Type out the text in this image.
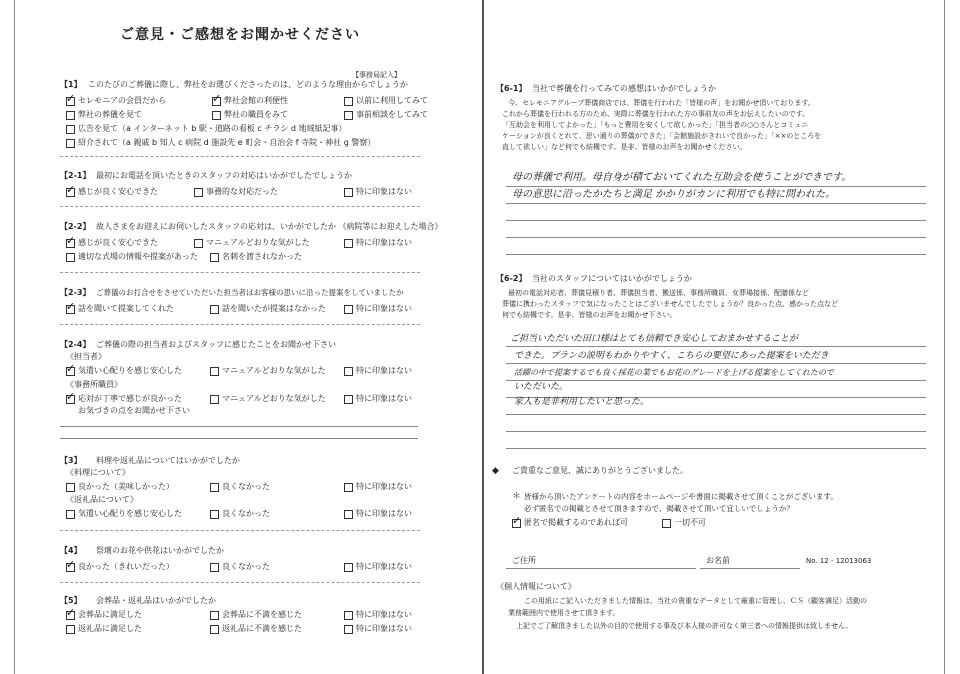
ご意見・ご感想をお聞かせください
【事務局記入】
【1】 このたびのご葬儀に際し、弊社をお選びくださったのは、どのような理由からでしょうか
✓
セレモニアの会員だから
✓	弊社会館の利便性	以前に利用してみて
弊社の葬儀を見て	弊社の職員をみて	事前相談をしてみて
広告を見て（a インターネット b 駅・道路の看板 c チラシ d 地域紙記事）
紹介されて（a 親戚 b 知人 c 病院 d 施設先 e 町会・自治会 f 寺院・神社 g 警察）
【2-1】 最初にお電話を頂いたときのスタッフの対応はいかがでしたでしょうか
✓
感じが良く安心できた	事務的な対応だった	特に印象はない
【2-2】 故人さまをお迎えにお伺いしたスタッフの応対は、いかがでしたか 《病院等にお迎えした場合》
✓
感じが良く安心できた	マニュアルどおりな気がした	特に印象はない
適切な式場の情報や提案があった	名刺を渡されなかった
【2-3】 ご葬儀のお打合せをさせていただいた担当者はお客様の思いに沿った提案をしていましたか
✓
話を聞いて提案してくれた	話を聞いたが提案はなかった	特に印象はない
【2-4】 ご葬儀の際の担当者およびスタッフに感じたことをお聞かせ下さい
《担当者》
✓
気遣い心配りを感じ安心した	マニュアルどおりな気がした	特に印象はない
《事務所職員》
✓
応対が丁寧で感じが良かった	マニュアルどおりな気がした	特に印象はない
お気づきの点をお聞かせ下さい
【3】 料理や返礼品についてはいかがでしたか
《料理について》
良かった（美味しかった）	良くなかった	特に印象はない
《返礼品について》
気遣い心配りを感じ安心した	良くなかった	特に印象はない
【4】 祭壇のお花や供花はいかがでしたか
✓
良かった（きれいだった）	良くなかった	特に印象はない
【5】 会葬品・返礼品はいかがでしたか
✓
会葬品に満足した	会葬品に不満を感じた	特に印象はない
返礼品に満足した	返礼品に不満を感じた	特に印象はない
【6-1】 当社で葬儀を行ってみての感想はいかがでしょうか
今、セレモニアグループ葬儀商店では、葬儀を行われた「皆様の声」をお聞かせ頂いております。
これから葬儀を行われる方のため、実際に葬儀を行われた方の事前友の声をお伝えしたいのです。
「互助会を利用してよかった」「もっと費用を安くして欲しかった」「担当者の○○さんとコミュニ
ケーションが良くとれて、思い通りの葬儀ができた」「会館施設がきれいで良かった」「××のところを
直して欲しい」など何でも結構です。是非、皆様のお声をお聞かせください。
母の葬儀で利用。母自身が積ておいてくれた互助会を使うことができです。
母の意思に沿ったかたちと満足 かかりがカンに利用でも特に問われた。
【6-2】 当社のスタッフについてはいかがでしょうか
最初の電話対応者、葬儀見積り者、葬儀担当者、搬送係、事務所職員、女葬場接係、配膳係など
葬儀に携わったスタッフで気になったことはございませんでしたでしょうか？良かった点、感かった点など
何でも結構です。是非、皆様のお声をお聞かせ下さい。
ご担当いただいた田口様はとても信頼でき安心しておまかせすることが
できた。プランの説明もわかりやすく、こちらの要望にあった提案をいただき
活躍の中で提案するでも良く採花の業でもお花のグレードを上げる提案をしてくれたので
いただいた。
家人も是非利用したいと思った。
◆ ご貴重なご意見、誠にありがとうございました。
＊ 皆様から頂いたアンケートの内容をホームページや書面に掲載させて頂くことがございます。
必ず匿名での掲載とさせて頂きますので、掲載させて頂いて宜しいでしょうか？
✓
匿名で掲載するのであれば可	一切不可
ご住所	お名前	No. 12 - 12013063
《個人情報について》
この用紙にご記入いただきました情報は、当社の貴重なデータとして厳重に管理し、ＣＳ（顧客満足）活動の
業務範囲内で使用させて頂きます。
上記でご了解頂きました以外の目的で使用する事及び本人様の許可なく第三者への情報提供は致しません。
